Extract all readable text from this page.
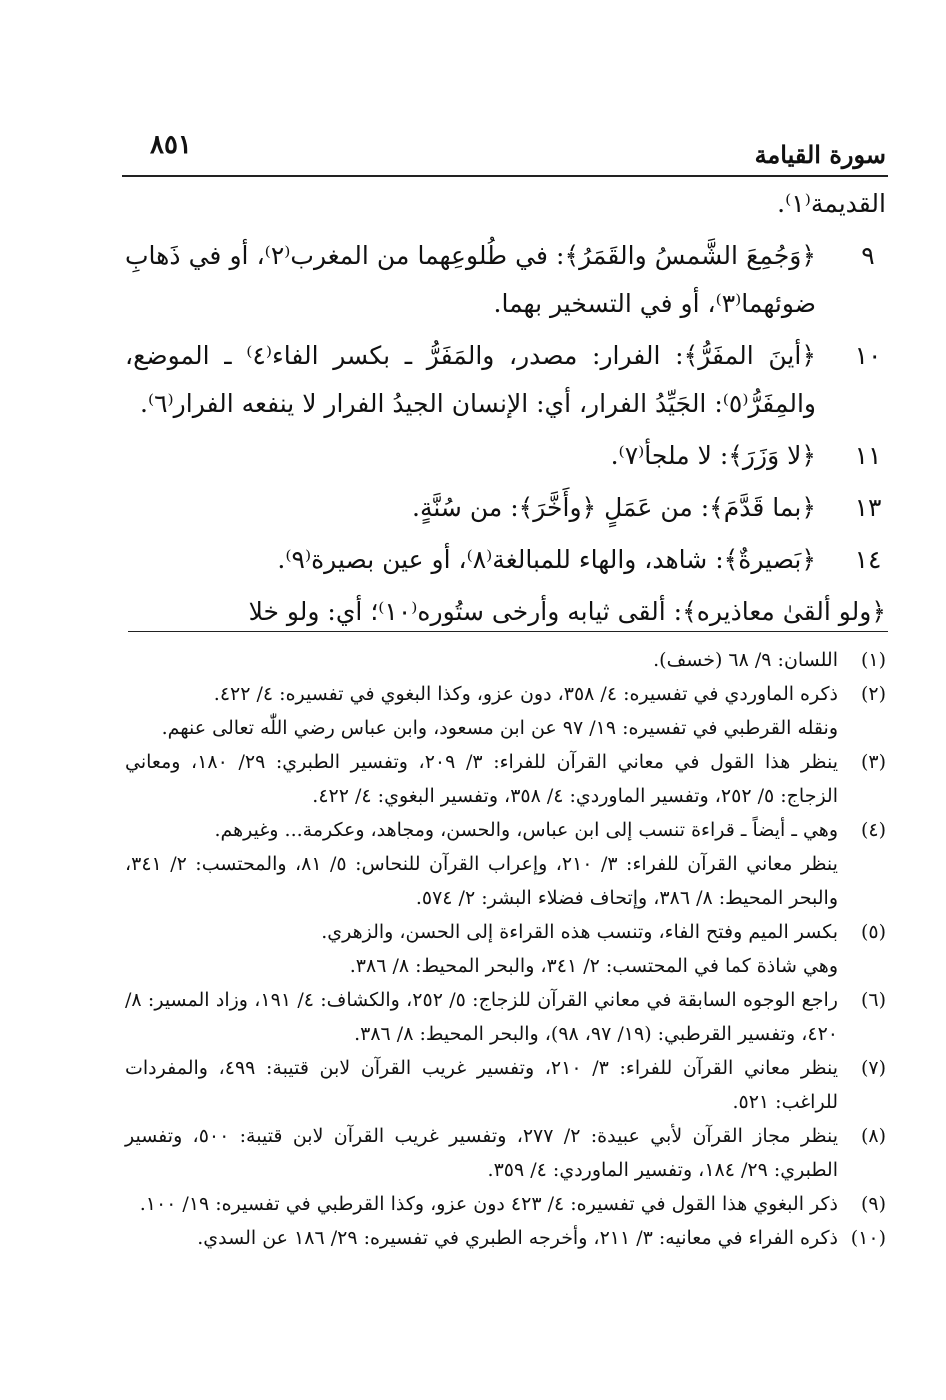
٨٥١	سورة القيامة
القديمة⁽١⁾.
٩
﴿وَجُمِعَ الشَّمسُ والقَمَرُ﴾: في طُلوعِهما من المغرب⁽٢⁾، أو في ذَهابِ ضوئهما⁽٣⁾، أو في التسخير بهما.
١٠
﴿أينَ المفَرُّ﴾: الفرار: مصدر، والمَفَرُّ ـ بكسر الفاء⁽٤⁾ ـ الموضع، والمِفَرُّ⁽٥⁾: الجَيِّدُ الفرار، أي: الإنسان الجيدُ الفرار لا ينفعه الفرار⁽٦⁾.
١١
﴿لا وَزَرَ﴾: لا ملجأ⁽٧⁾.
١٣
﴿بما قَدَّمَ﴾: من عَمَلٍ ﴿وأَخَّرَ﴾: من سُنَّةٍ.
١٤
﴿بَصيرةٌ﴾: شاهد، والهاء للمبالغة⁽٨⁾، أو عين بصيرة⁽٩⁾.
﴿ولو ألقىٰ معاذيره﴾: ألقى ثيابه وأرخى ستُوره⁽١٠⁾؛ أي: ولو خلا
(١)
اللسان: ٩/ ٦٨ (خسف).
(٢)
ذكره الماوردي في تفسيره: ٤/ ٣٥٨، دون عزو، وكذا البغوي في تفسيره: ٤/ ٤٢٢.
ونقله القرطبي في تفسيره: ١٩/ ٩٧ عن ابن مسعود، وابن عباس رضي اللّٰه تعالى عنهم.
(٣)
ينظر هذا القول في معاني القرآن للفراء: ٣/ ٢٠٩، وتفسير الطبري: ٢٩/ ١٨٠، ومعاني الزجاج: ٥/ ٢٥٢، وتفسير الماوردي: ٤/ ٣٥٨، وتفسير البغوي: ٤/ ٤٢٢.
(٤)
وهي ـ أيضاً ـ قراءة تنسب إلى ابن عباس، والحسن، ومجاهد، وعكرمة... وغيرهم.
ينظر معاني القرآن للفراء: ٣/ ٢١٠، وإعراب القرآن للنحاس: ٥/ ٨١، والمحتسب: ٢/ ٣٤١، والبحر المحيط: ٨/ ٣٨٦، وإتحاف فضلاء البشر: ٢/ ٥٧٤.
(٥)
بكسر الميم وفتح الفاء، وتنسب هذه القراءة إلى الحسن، والزهري.
وهي شاذة كما في المحتسب: ٢/ ٣٤١، والبحر المحيط: ٨/ ٣٨٦.
(٦)
راجع الوجوه السابقة في معاني القرآن للزجاج: ٥/ ٢٥٢، والكشاف: ٤/ ١٩١، وزاد المسير: ٨/ ٤٢٠، وتفسير القرطبي: (١٩/ ٩٧، ٩٨)، والبحر المحيط: ٨/ ٣٨٦.
(٧)
ينظر معاني القرآن للفراء: ٣/ ٢١٠، وتفسير غريب القرآن لابن قتيبة: ٤٩٩، والمفردات للراغب: ٥٢١.
(٨)
ينظر مجاز القرآن لأبي عبيدة: ٢/ ٢٧٧، وتفسير غريب القرآن لابن قتيبة: ٥٠٠، وتفسير الطبري: ٢٩/ ١٨٤، وتفسير الماوردي: ٤/ ٣٥٩.
(٩)
ذكر البغوي هذا القول في تفسيره: ٤/ ٤٢٣ دون عزو، وكذا القرطبي في تفسيره: ١٩/ ١٠٠.
(١٠)
ذكره الفراء في معانيه: ٣/ ٢١١، وأخرجه الطبري في تفسيره: ٢٩/ ١٨٦ عن السدي.
